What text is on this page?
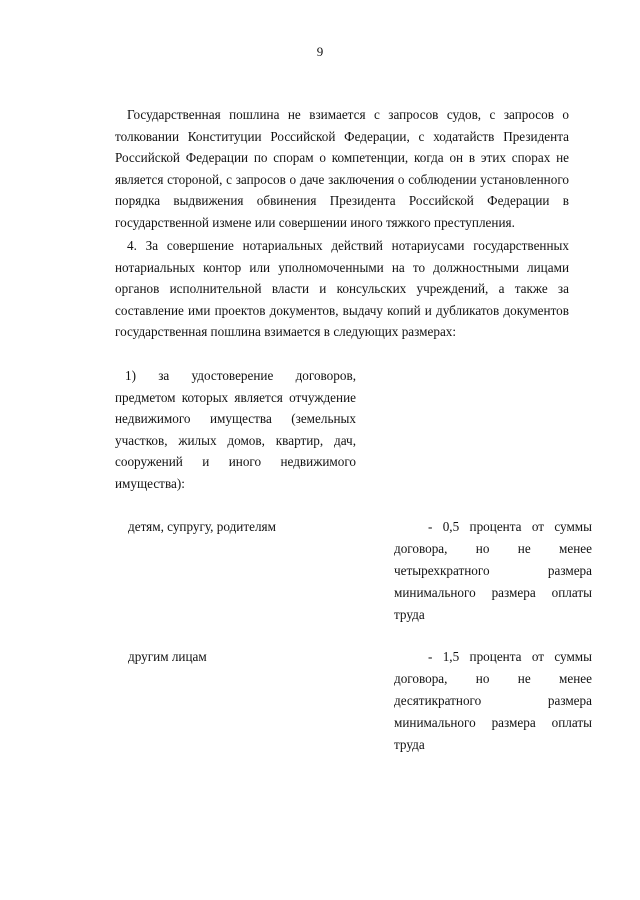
9
Государственная пошлина не взимается с запросов судов, с запросов о
толковании Конституции Российской Федерации, с ходатайств Президента
Российской Федерации по спорам о компетенции, когда он в этих спорах не
является стороной, с запросов о даче заключения о соблюдении установленного
порядка выдвижения обвинения Президента Российской Федерации в
государственной измене или совершении иного тяжкого преступления.
4. За совершение нотариальных действий нотариусами государственных
нотариальных контор или уполномоченными на то должностными лицами
органов исполнительной власти и консульских учреждений, а также за
составление ими проектов документов, выдачу копий и дубликатов документов
государственная пошлина взимается в следующих размерах:
1) за удостоверение договоров,
предметом которых является отчуждение
недвижимого имущества (земельных
участков, жилых домов, квартир, дач,
сооружений и иного недвижимого
имущества):
детям, супругу, родителям	- 0,5 процента от суммы
договора, но не менее
четырехкратного размера
минимального размера оплаты
труда
другим лицам	- 1,5 процента от суммы
договора, но не менее
десятикратного размера
минимального размера оплаты
труда
